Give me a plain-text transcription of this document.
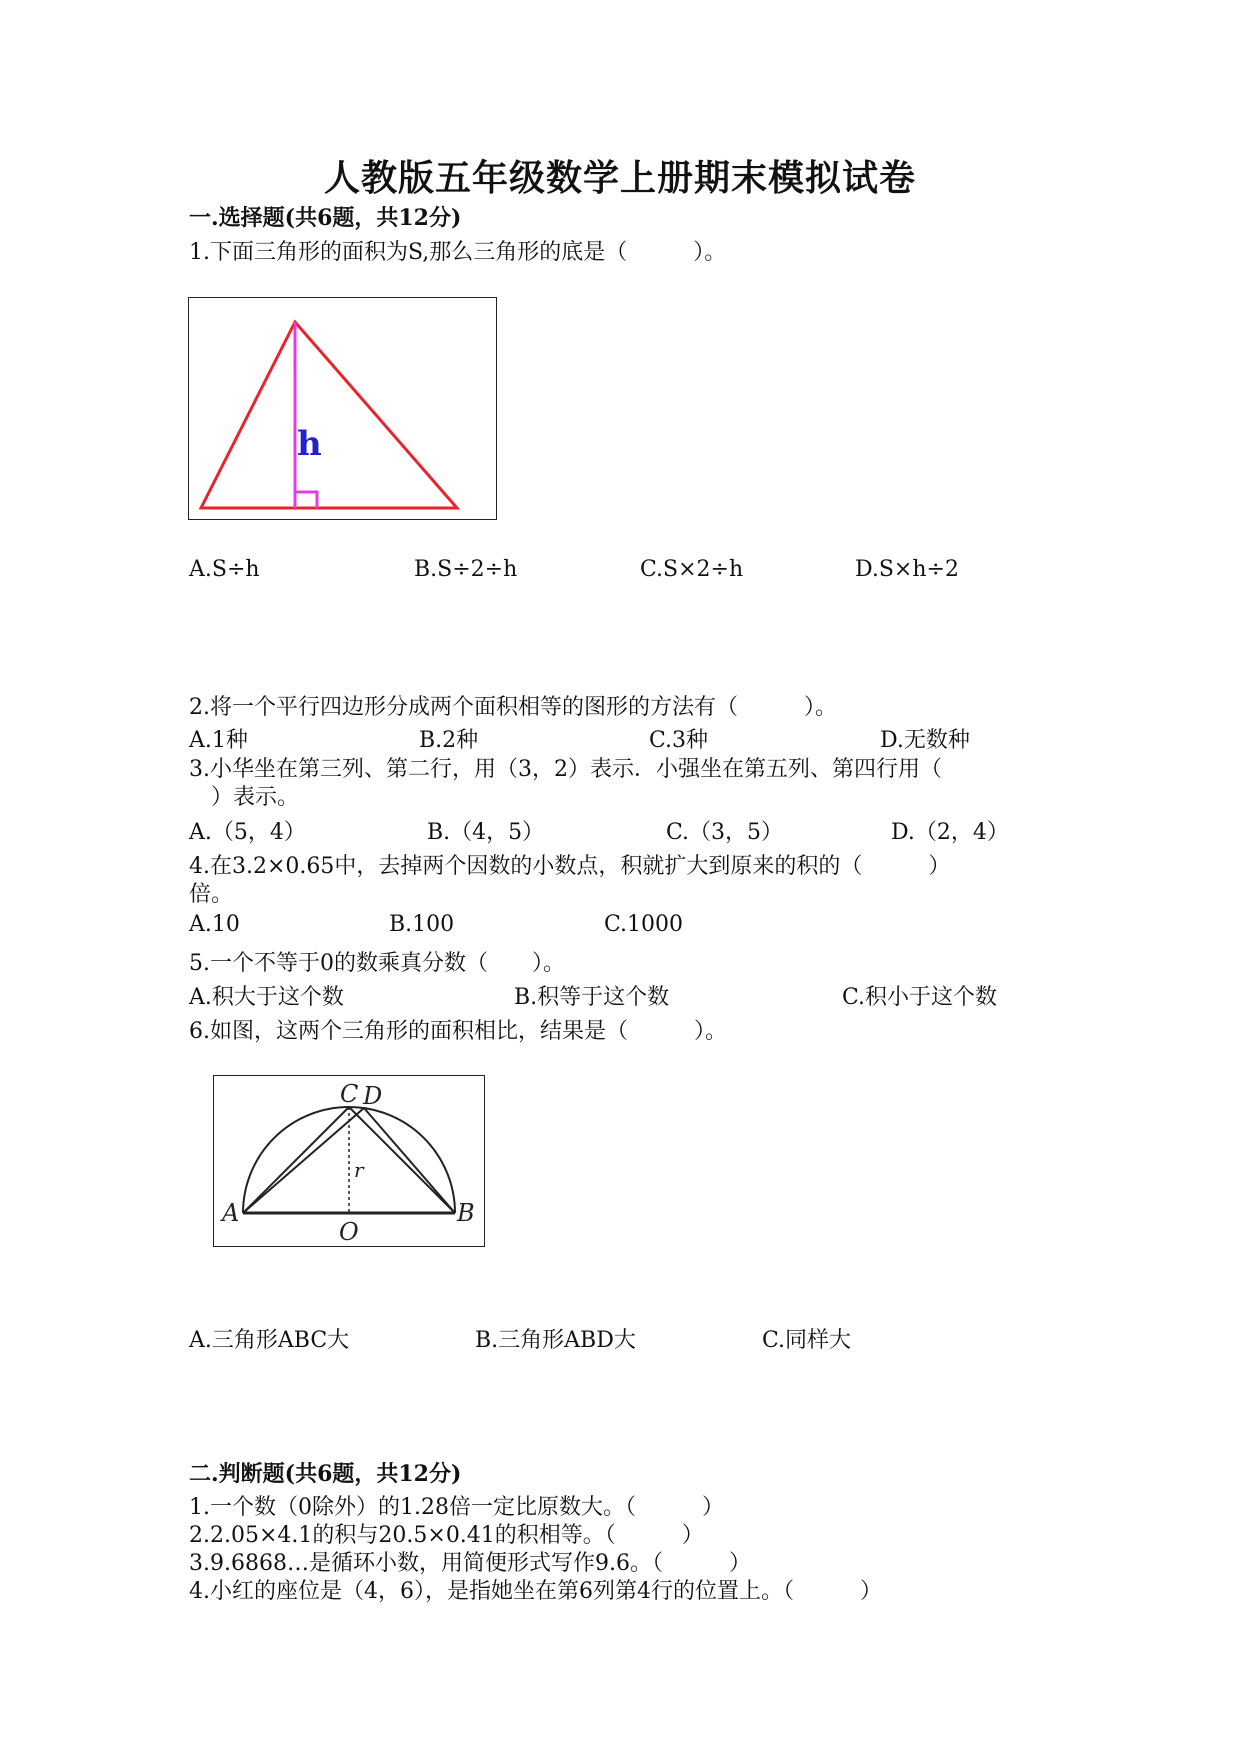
人教版五年级数学上册期末模拟试卷
一.选择题(共6题，共12分)
1.下面三角形的面积为S,那么三角形的底是（　　　）。
h
A.S÷h	B.S÷2÷h	C.S×2÷h	D.S×h÷2
2.将一个平行四边形分成两个面积相等的图形的方法有（　　　）。
A.1种	B.2种	C.3种	D.无数种
3.小华坐在第三列、第二行，用（3，2）表示．小强坐在第五列、第四行用（
　）表示。
A.（5，4）	B.（4，5）	C.（3，5）	D.（2，4）
4.在3.2×0.65中，去掉两个因数的小数点，积就扩大到原来的积的（　　　）
倍。
A.10	B.100	C.1000
5.一个不等于0的数乘真分数（　　）。
A.积大于这个数	B.积等于这个数	C.积小于这个数
6.如图，这两个三角形的面积相比，结果是（　　　）。
C D
r
A
O
B
A.三角形ABC大	B.三角形ABD大	C.同样大
二.判断题(共6题，共12分)
1.一个数（0除外）的1.28倍一定比原数大。（　　　）
2.2.05×4.1的积与20.5×0.41的积相等。（　　　）
3.9.6868…是循环小数，用简便形式写作9.6。（　　　）
4.小红的座位是（4，6），是指她坐在第6列第4行的位置上。（　　　）
